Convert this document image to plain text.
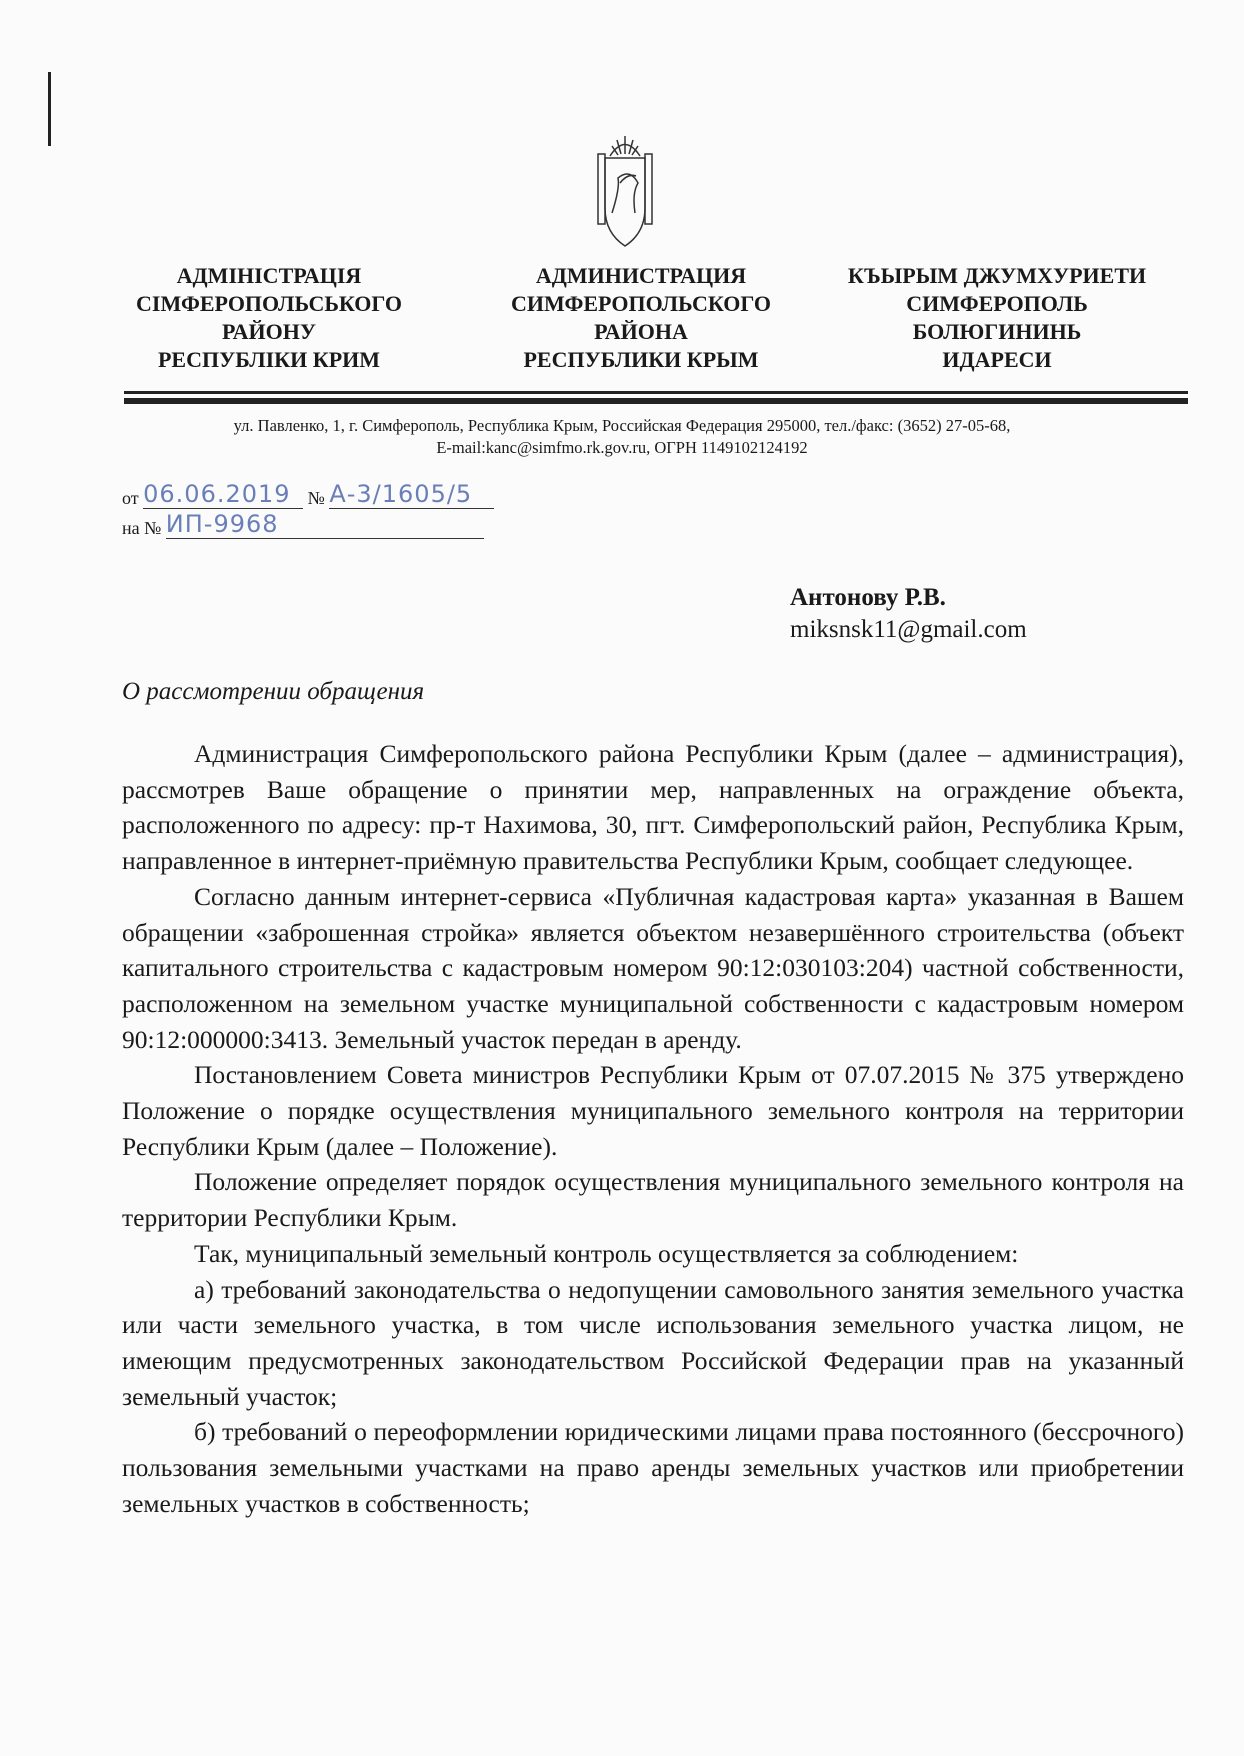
АДМІНІСТРАЦІЯ
СІМФЕРОПОЛЬСЬКОГО
РАЙОНУ
РЕСПУБЛІКИ КРИМ
АДМИНИСТРАЦИЯ
СИМФЕРОПОЛЬСКОГО
РАЙОНА
РЕСПУБЛИКИ КРЫМ
КЪЫРЫМ ДЖУМХУРИЕТИ
СИМФЕРОПОЛЬ
БОЛЮГИНИНЬ
ИДАРЕСИ
ул. Павленко, 1, г. Симферополь, Республика Крым, Российская Федерация 295000, тел./факс: (3652) 27-05-68,
E-mail:kanc@simfmo.rk.gov.ru, ОГРН 1149102124192
от 06.06.2019 № А-3/1605/5
на № ИП-9968
Антонову Р.В.
miksnsk11@gmail.com
О рассмотрении обращения

Администрация Симферопольского района Республики Крым (далее – администрация), рассмотрев Ваше обращение о принятии мер, направленных на ограждение объекта, расположенного по адресу: пр-т Нахимова, 30, пгт. Симферопольский район, Республика Крым, направленное в интернет-приёмную правительства Республики Крым, сообщает следующее.

Согласно данным интернет-сервиса «Публичная кадастровая карта» указанная в Вашем обращении «заброшенная стройка» является объектом незавершённого строительства (объект капитального строительства с кадастровым номером 90:12:030103:204) частной собственности, расположенном на земельном участке муниципальной собственности с кадастровым номером 90:12:000000:3413. Земельный участок передан в аренду.

Постановлением Совета министров Республики Крым от 07.07.2015 № 375 утверждено Положение о порядке осуществления муниципального земельного контроля на территории Республики Крым (далее – Положение).

Положение определяет порядок осуществления муниципального земельного контроля на территории Республики Крым.

Так, муниципальный земельный контроль осуществляется за соблюдением:

а) требований законодательства о недопущении самовольного занятия земельного участка или части земельного участка, в том числе использования земельного участка лицом, не имеющим предусмотренных законодательством Российской Федерации прав на указанный земельный участок;

б) требований о переоформлении юридическими лицами права постоянного (бессрочного) пользования земельными участками на право аренды земельных участков или приобретении земельных участков в собственность;
